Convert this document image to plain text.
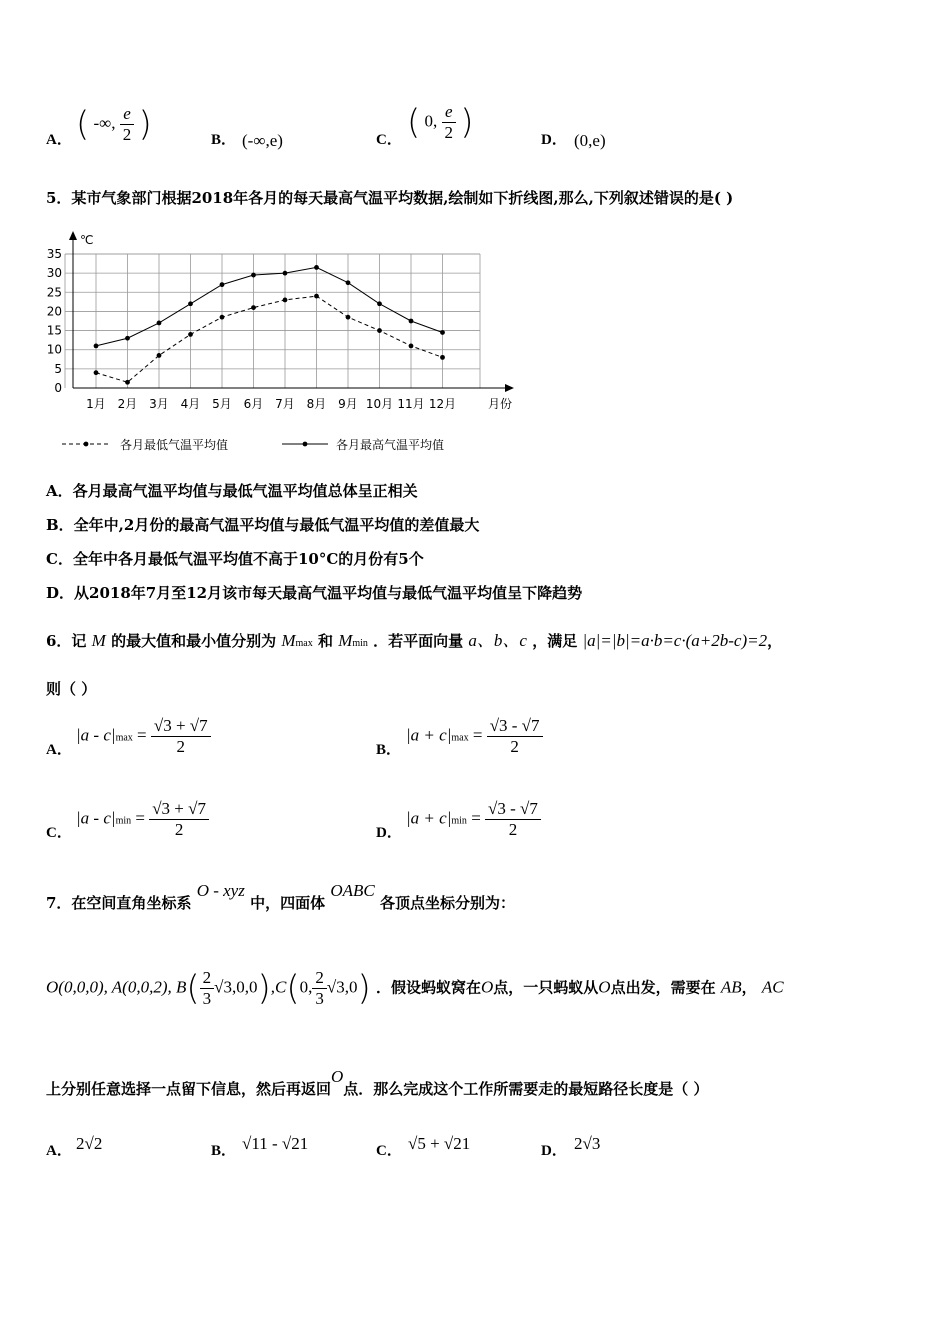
A． ( -∞, $\frac{e}{2}$ )	B． (-∞,e)	C． ( 0, $\frac{e}{2}$ )	D． (0,e)
5．某市气象部门根据2018年各月的每天最高气温平均数据,绘制如下折线图,那么,下列叙述错误的是( )
℃
月份
0
5
10
15
20
25
30
35
1月 2月 3月 4月 5月 6月 7月 8月 9月 10月 11月 12月
各月最低气温平均值	各月最高气温平均值
A．各月最高气温平均值与最低气温平均值总体呈正相关
B．全年中,2月份的最高气温平均值与最低气温平均值的差值最大
C．全年中各月最低气温平均值不高于10°C的月份有5个
D．从2018年7月至12月该市每天最高气温平均值与最低气温平均值呈下降趋势
6．记 M 的最大值和最小值分别为 Mmax 和 Mmin ．若平面向量 a、b、c ，满足 |a|=|b|=a·b=c·(a+2b-c)=2，
则（ ）
A．
$|a - c|\max = \frac{√3 + √7}{2}$	B．
$|a + c|\max = \frac{√3 - √7}{2}$
C．
$|a - c|\min = \frac{√3 + √7}{2}$	D．
$|a + c|\min = \frac{√3 - √7}{2}$
7．在空间直角坐标系 O - xyz 中，四面体 OABC 各顶点坐标分别为：
O(0,0,0), A(0,0,2), $B( \frac{2}{3} √3,0,0),C(0$, $\frac{2}{3} √3,0$) ．假设蚂蚁窝在O点，一只蚂蚁从O点出发，需要在 AB， AC
上分别任意选择一点留下信息，然后再返回O点．那么完成这个工作所需要走的最短路径长度是（ ）
A． 2√2	B． √11 - √21	C． √5 + √21	D． 2√3
